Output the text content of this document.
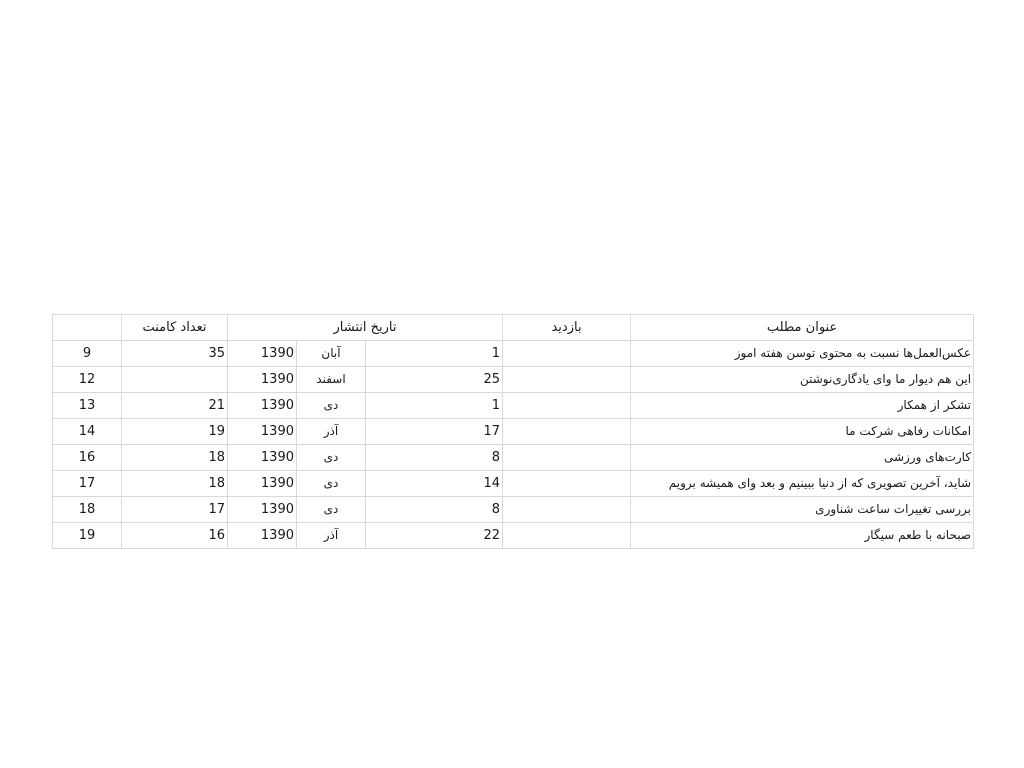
	تعداد کامنت	تاریخ انتشار			بازدید	عنوان مطلب
9	35	1390	آبان	1		عکس‌العمل‌ها نسبت به محتوی توسن هفته اموز
12		1390	اسفند	25		این هم دیوار ما وای یادگاری‌نوشتن
13	21	1390	دی	1		تشکر از همکار
14	19	1390	آذر	17		امکانات رفاهی شرکت ما
16	18	1390	دی	8		کارت‌های ورزشی
17	18	1390	دی	14		شاید، آخرین تصویری که از دنیا ببینیم و بعد وای همیشه برویم
18	17	1390	دی	8		بررسی تغییرات ساعت شناوری
19	16	1390	آذر	22		صبحانه با طعم سیگار
